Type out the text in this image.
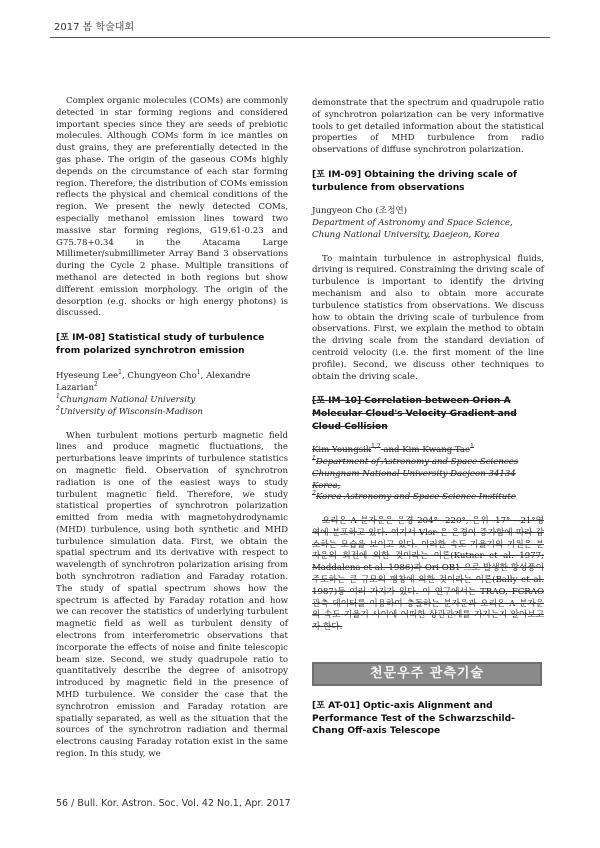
2017 봄 학술대회

Complex organic molecules (COMs) are commonly detected in star forming regions and considered important species since they are seeds of prebiotic molecules. Although COMs form in ice mantles on dust grains, they are preferentially detected in the gas phase. The origin of the gaseous COMs highly depends on the circumstance of each star forming region. Therefore, the distribution of COMs emission reflects the physical and chemical conditions of the region. We present the newly detected COMs, especially methanol emission lines toward two massive star forming regions, G19.61-0.23 and G75.78+0.34 in the Atacama Large Millimeter/submillimeter Array Band 3 observations during the Cycle 2 phase. Multiple transitions of methanol are detected in both regions but show different emission morphology. The origin of the desorption (e.g. shocks or high energy photons) is discussed.

[포 IM-08] Statistical study of turbulence from polarized synchrotron emission

Hyeseung Lee$^1$, Chungyeon Cho$^1$, Alexandre Lazarian$^2$

$^1$Chungnam National University

$^2$University of Wisconsin-Madison

When turbulent motions perturb magnetic field lines and produce magnetic fluctuations, the perturbations leave imprints of turbulence statistics on magnetic field. Observation of synchrotron radiation is one of the easiest ways to study turbulent magnetic field. Therefore, we study statistical properties of synchrotron polarization emitted from media with magnetohydrodynamic (MHD) turbulence, using both synthetic and MHD turbulence simulation data. First, we obtain the spatial spectrum and its derivative with respect to wavelength of synchrotron polarization arising from both synchrotron radiation and Faraday rotation. The study of spatial spectrum shows how the spectrum is affected by Faraday rotation and how we can recover the statistics of underlying turbulent magnetic field as well as turbulent density of electrons from interferometric observations that incorporate the effects of noise and finite telescopic beam size. Second, we study quadrupole ratio to quantitatively describe the degree of anisotropy introduced by magnetic field in the presence of MHD turbulence. We consider the case that the synchrotron emission and Faraday rotation are spatially separated, as well as the situation that the sources of the synchrotron radiation and thermal electrons causing Faraday rotation exist in the same region. In this study, we

demonstrate that the spectrum and quadrupole ratio of synchrotron polarization can be very informative tools to get detailed information about the statistical properties of MHD turbulence from radio observations of diffuse synchrotron polarization.

[포 IM-09] Obtaining the driving scale of turbulence from observations

Jungyeon Cho (조정연)

Department of Astronomy and Space Science, Chung National University, Daejeon, Korea

To maintain turbulence in astrophysical fluids, driving is required. Constraining the driving scale of turbulence is important to identify the driving mechanism and also to obtain more accurate turbulence statistics from observations. We discuss how to obtain the driving scale of turbulence from observations. First, we explain the method to obtain the driving scale from the standard deviation of centroid velocity (i.e. the first moment of the line profile). Second, we discuss other techniques to obtain the driving scale.

[포 IM-10] Correlation between Orion A Molecular Cloud's Velocity Gradient and Cloud Collision

Kim Youngsik$^{1,2}$ and Kim Kwang-Tae$^1$

$^1$Department of Astronomy and Space Sciences Chungnam National University Daejeon 34134 Korea,

$^2$Korea Astronomy and Space Science Institute

오리온 A 분자운은 은경 204°~220°, 은위 -17°~-21°영역에 분포하고 있다. 여기서 Vlsr 은 은경이 증가함에 따라 감소하는 모습을 보이고 있다. 이러한 속도 기울기의 기원은 분자운의 회전에 의한 것이라는 이론(Kutner et al. 1977; Maddalena et al. 1986)과 Ori OB1 으로 발생한 항성풍이 주도하는 큰 규모의 팽창에 의한 것이라는 이론(Bally et al. 1987)등 여러 가지가 있다. 이 연구에서는 TRAO, FCRAO 관측 데이터를 이용하여 충돌하는 분자운과 오리온 A 분자운의 속도 기울기 사이에 어떠한 상관관계를 가지는지 알아보고자 한다.

천문우주 관측기술

[포 AT-01] Optic-axis Alignment and Performance Test of the Schwarzschild-Chang Off-axis Telescope

56 / Bull. Kor. Astron. Soc. Vol. 42 No.1, Apr. 2017
